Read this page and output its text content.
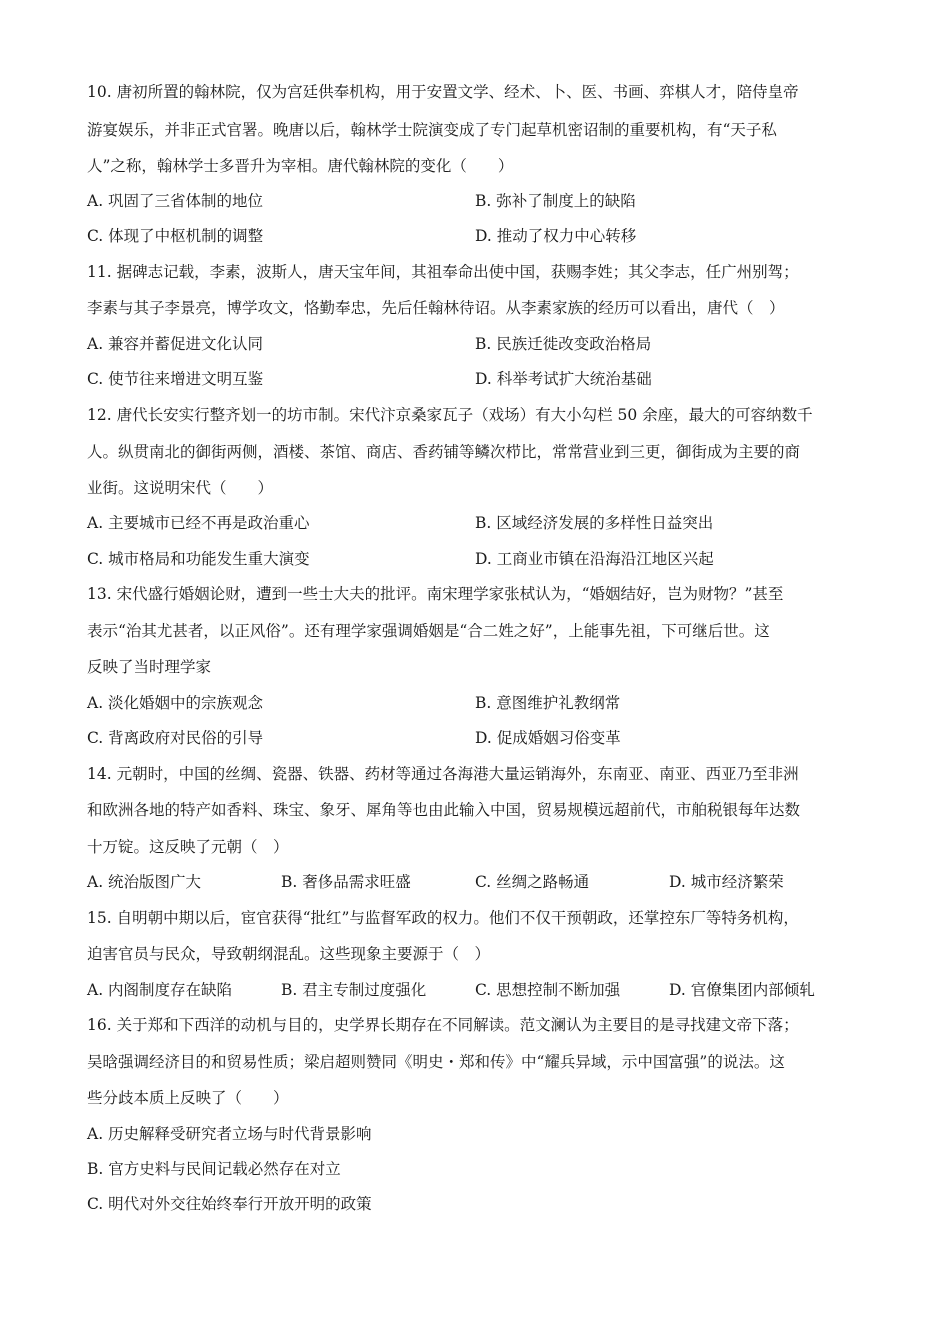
10. 唐初所置的翰林院，仅为宫廷供奉机构，用于安置文学、经术、卜、医、书画、弈棋人才，陪侍皇帝
游宴娱乐，并非正式官署。晚唐以后，翰林学士院演变成了专门起草机密诏制的重要机构，有“天子私
人”之称，翰林学士多晋升为宰相。唐代翰林院的变化（　　）
A. 巩固了三省体制的地位	B. 弥补了制度上的缺陷
C. 体现了中枢机制的调整	D. 推动了权力中心转移
11. 据碑志记载，李素，波斯人，唐天宝年间，其祖奉命出使中国，获赐李姓；其父李志，任广州别驾；
李素与其子李景亮，博学攻文，恪勤奉忠，先后任翰林待诏。从李素家族的经历可以看出，唐代（　）
A. 兼容并蓄促进文化认同	B. 民族迁徙改变政治格局
C. 使节往来增进文明互鉴	D. 科举考试扩大统治基础
12. 唐代长安实行整齐划一的坊市制。宋代汴京桑家瓦子（戏场）有大小勾栏 50 余座，最大的可容纳数千
人。纵贯南北的御街两侧，酒楼、茶馆、商店、香药铺等鳞次栉比，常常营业到三更，御街成为主要的商
业街。这说明宋代（　　）
A. 主要城市已经不再是政治重心	B. 区域经济发展的多样性日益突出
C. 城市格局和功能发生重大演变	D. 工商业市镇在沿海沿江地区兴起
13. 宋代盛行婚姻论财，遭到一些士大夫的批评。南宋理学家张栻认为，“婚姻结好，岂为财物？”甚至
表示“治其尤甚者，以正风俗”。还有理学家强调婚姻是“合二姓之好”，上能事先祖，下可继后世。这
反映了当时理学家
A. 淡化婚姻中的宗族观念	B. 意图维护礼教纲常
C. 背离政府对民俗的引导	D. 促成婚姻习俗变革
14. 元朝时，中国的丝绸、瓷器、铁器、药材等通过各海港大量运销海外，东南亚、南亚、西亚乃至非洲
和欧洲各地的特产如香料、珠宝、象牙、犀角等也由此输入中国，贸易规模远超前代，市舶税银每年达数
十万锭。这反映了元朝（　）
A. 统治版图广大	B. 奢侈品需求旺盛	C. 丝绸之路畅通	D. 城市经济繁荣
15. 自明朝中期以后，宦官获得“批红”与监督军政的权力。他们不仅干预朝政，还掌控东厂等特务机构，
迫害官员与民众，导致朝纲混乱。这些现象主要源于（　）
A. 内阁制度存在缺陷	B. 君主专制过度强化	C. 思想控制不断加强	D. 官僚集团内部倾轧
16. 关于郑和下西洋的动机与目的，史学界长期存在不同解读。范文澜认为主要目的是寻找建文帝下落；
吴晗强调经济目的和贸易性质；梁启超则赞同《明史・郑和传》中“耀兵异域，示中国富强”的说法。这
些分歧本质上反映了（　　）
A. 历史解释受研究者立场与时代背景影响
B. 官方史料与民间记载必然存在对立
C. 明代对外交往始终奉行开放开明的政策
